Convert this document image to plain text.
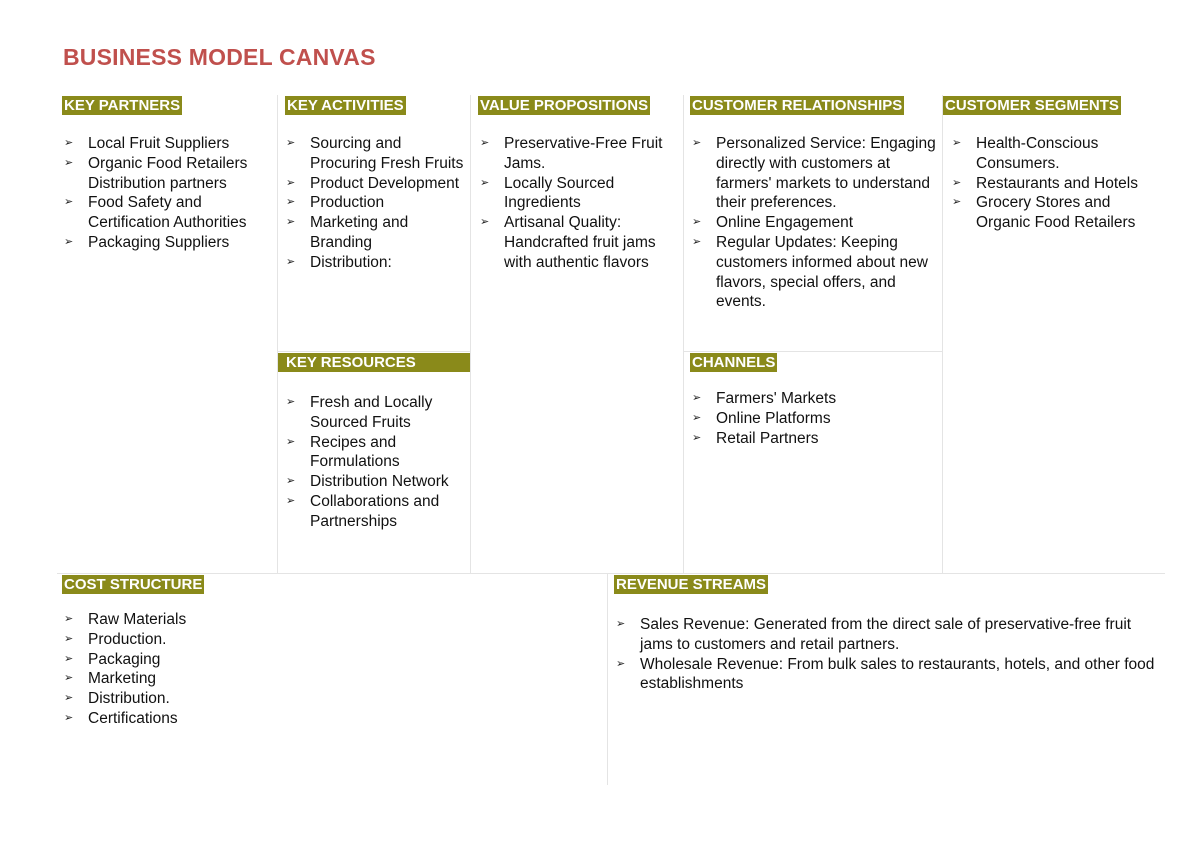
BUSINESS MODEL CANVAS
KEY PARTNERS
➢ Local Fruit Suppliers
➢ Organic Food Retailers
Distribution partners
➢ Food Safety and Certification Authorities
➢ Packaging Suppliers
KEY ACTIVITIES
➢ Sourcing and Procuring Fresh Fruits
➢ Product Development
➢ Production
➢ Marketing and Branding
➢ Distribution:
KEY RESOURCES
➢ Fresh and Locally Sourced Fruits
➢ Recipes and Formulations
➢ Distribution Network
➢ Collaborations and Partnerships
VALUE PROPOSITIONS
➢ Preservative-Free Fruit Jams.
➢ Locally Sourced Ingredients
➢ Artisanal Quality: Handcrafted fruit jams with authentic flavors
CUSTOMER RELATIONSHIPS
➢ Personalized Service: Engaging directly with customers at farmers' markets to understand their preferences.
➢ Online Engagement
➢ Regular Updates: Keeping customers informed about new flavors, special offers, and events.
CHANNELS
➢ Farmers' Markets
➢ Online Platforms
➢ Retail Partners
CUSTOMER SEGMENTS
➢ Health-Conscious Consumers.
➢ Restaurants and Hotels
➢ Grocery Stores and Organic Food Retailers
COST STRUCTURE
➢ Raw Materials
➢ Production.
➢ Packaging
➢ Marketing
➢ Distribution.
➢ Certifications
REVENUE STREAMS
➢ Sales Revenue: Generated from the direct sale of preservative-free fruit jams to customers and retail partners.
➢ Wholesale Revenue: From bulk sales to restaurants, hotels, and other food establishments
